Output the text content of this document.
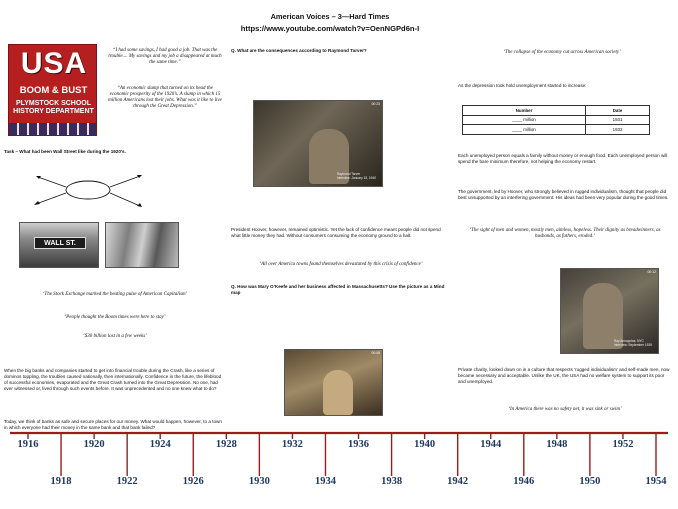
American Voices – 3—Hard Times
https://www.youtube.com/watch?v=OenNGPd6n-I
USA
BOOM & BUST
PLYMSTOCK SCHOOL
HISTORY DEPARTMENT
“I had some savings, I had good a job. That was the trouble.... My savings and my job a disappeared at much the same time.”
“An economic slump that turned on its head the economic prosperity of the 1920’s. A slump in which 15 million Americans lost their jobs. What was it like to live through the Great Depression.”
Task – What had been Wall Street like during the 1920’s.
WALL ST.
‘The Stock Exchange marked the beating pulse of American Capitalism’
‘People thought the Boom times were here to stay’
‘$30 billion lost in a few weeks’
When the big banks and companies started to get into financial trouble during the Crash, like a series of dominos toppling, the troubles caused nationally, then internationally. Confidence in the future, the lifeblood of successful economies, evaporated and the Great Crash turned into the Great Depression. No one, had ever witnessed or, lived through such events before. It was unprecedented and no one knew what to do?
Today, we think of banks as safe and secure places for our money. What would happen, however, to a town in which everyone had their money in the same bank and that bank failed?
Q. What are the consequences according to Raymond Tarver?
00:23
Raymond Tarver
Interview: January 15, 1940
President Hoover, however, remained optimistic. Yet the lack of confidence meant people did not spend what little money they had. Without consumers consuming the economy ground to a halt.
‘All over America towns found themselves devastated by this crisis of confidence’
Q. How was Mary O’Keefe and her business affected in Massachusetts? Use the picture as a Mind map
00:08
‘The collapse of the economy cut across American society’
As the depression took hold unemployment started to increase:
Number	Date
____ million	1931
____ million	1932
Each unemployed person equals a family without money or enough food. Each unemployed person will spend the bare minimum therefore, not helping the economy restart.
The government, led by Hoover, who strongly believed in rugged individualism, thought that people did best unsupported by an interfering government. His ideas had been very popular during the good times.
‘The sight of men and women, mostly men, aimless, hopeless. Their dignity as breadwinners, as husbands, as fathers, eroded.’
00:12
Ray Annapolas, NYC
Interview: September 1939
Private charity, looked down on in a culture that respects ‘rugged individualism’ and self-made men, now became necessary and acceptable. Unlike the UK, the USA had no welfare system to support its poor and unemployed.
‘In America there was no safety net, it was sink or swim’
1916
1918
1920
1922
1924
1926
1928
1930
1932
1934
1936
1938
1940
1942
1944
1946
1948
1950
1952
1954
